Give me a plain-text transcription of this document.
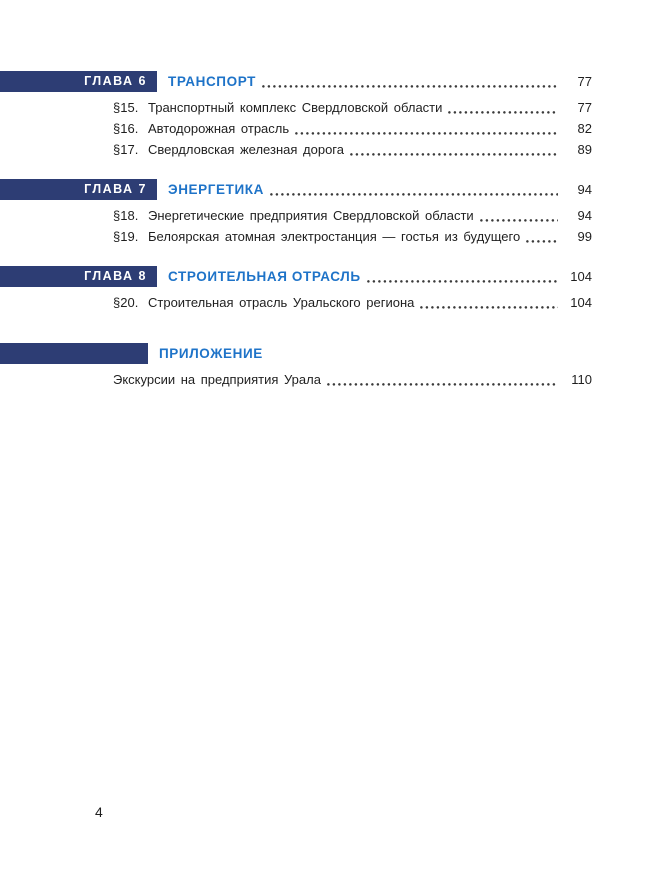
ГЛАВА 6	ТРАНСПОРТ	77
§15. Транспортный комплекс Свердловской области	77
§16. Автодорожная отрасль	82
§17. Свердловская железная дорога	89
ГЛАВА 7	ЭНЕРГЕТИКА	94
§18. Энергетические предприятия Свердловской области	94
§19. Белоярская атомная электростанция — гостья из будущего	99
ГЛАВА 8	СТРОИТЕЛЬНАЯ ОТРАСЛЬ	104
§20. Строительная отрасль Уральского региона	104
ПРИЛОЖЕНИЕ
Экскурсии на предприятия Урала	110
4
